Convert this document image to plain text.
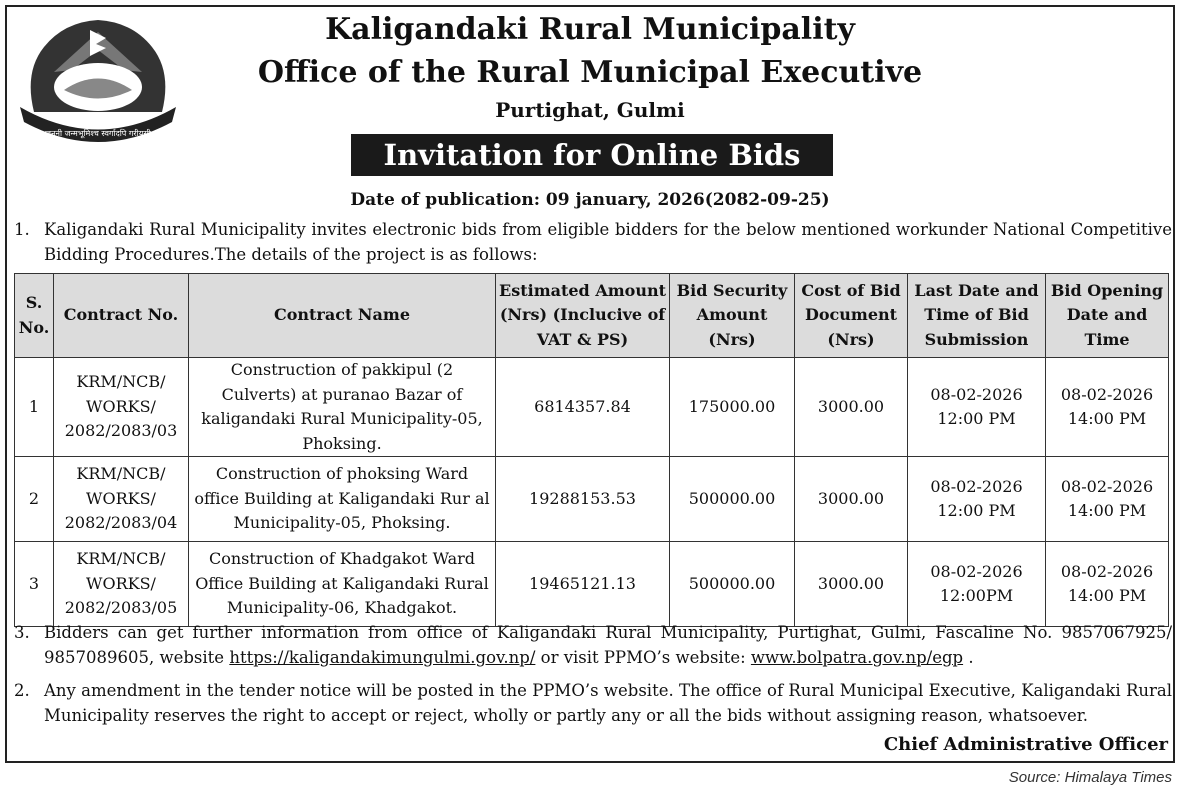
जननी जन्मभूमिश्च स्वर्गादपि गरीयसी
Kaligandaki Rural Municipality
Office of the Rural Municipal Executive
Purtighat, Gulmi
Invitation for Online Bids
Date of publication: 09 january, 2026(2082-09-25)
1. Kaligandaki Rural Municipality invites electronic bids from eligible bidders for the below mentioned workunder National Competitive Bidding Procedures.The details of the project is as follows:
S. No.	Contract No.	Contract Name	Estimated Amount (Nrs) (Inclucive of VAT & PS)	Bid Security Amount (Nrs)	Cost of Bid Document (Nrs)	Last Date and Time of Bid Submission	Bid Opening Date and Time
1	KRM/NCB/ WORKS/ 2082/2083/03	Construction of pakkipul (2 Culverts) at puranao Bazar of kaligandaki Rural Municipality-05, Phoksing.	6814357.84	175000.00	3000.00	08-02-2026 12:00 PM	08-02-2026 14:00 PM
2	KRM/NCB/ WORKS/ 2082/2083/04	Construction of phoksing Ward office Building at Kaligandaki Rur al Municipality-05, Phoksing.	19288153.53	500000.00	3000.00	08-02-2026 12:00 PM	08-02-2026 14:00 PM
3	KRM/NCB/ WORKS/ 2082/2083/05	Construction of Khadgakot Ward Office Building at Kaligandaki Rural Municipality-06, Khadgakot.	19465121.13	500000.00	3000.00	08-02-2026 12:00PM	08-02-2026 14:00 PM
3. Bidders can get further information from office of Kaligandaki Rural Municipality, Purtighat, Gulmi, Fascaline No. 9857067925/ 9857089605, website https://kaligandakimungulmi.gov.np/ or visit PPMO’s website: www.bolpatra.gov.np/egp .
2. Any amendment in the tender notice will be posted in the PPMO’s website. The office of Rural Municipal Executive, Kaligandaki Rural Municipality reserves the right to accept or reject, wholly or partly any or all the bids without assigning reason, whatsoever.
Chief Administrative Officer
Source: Himalaya Times
